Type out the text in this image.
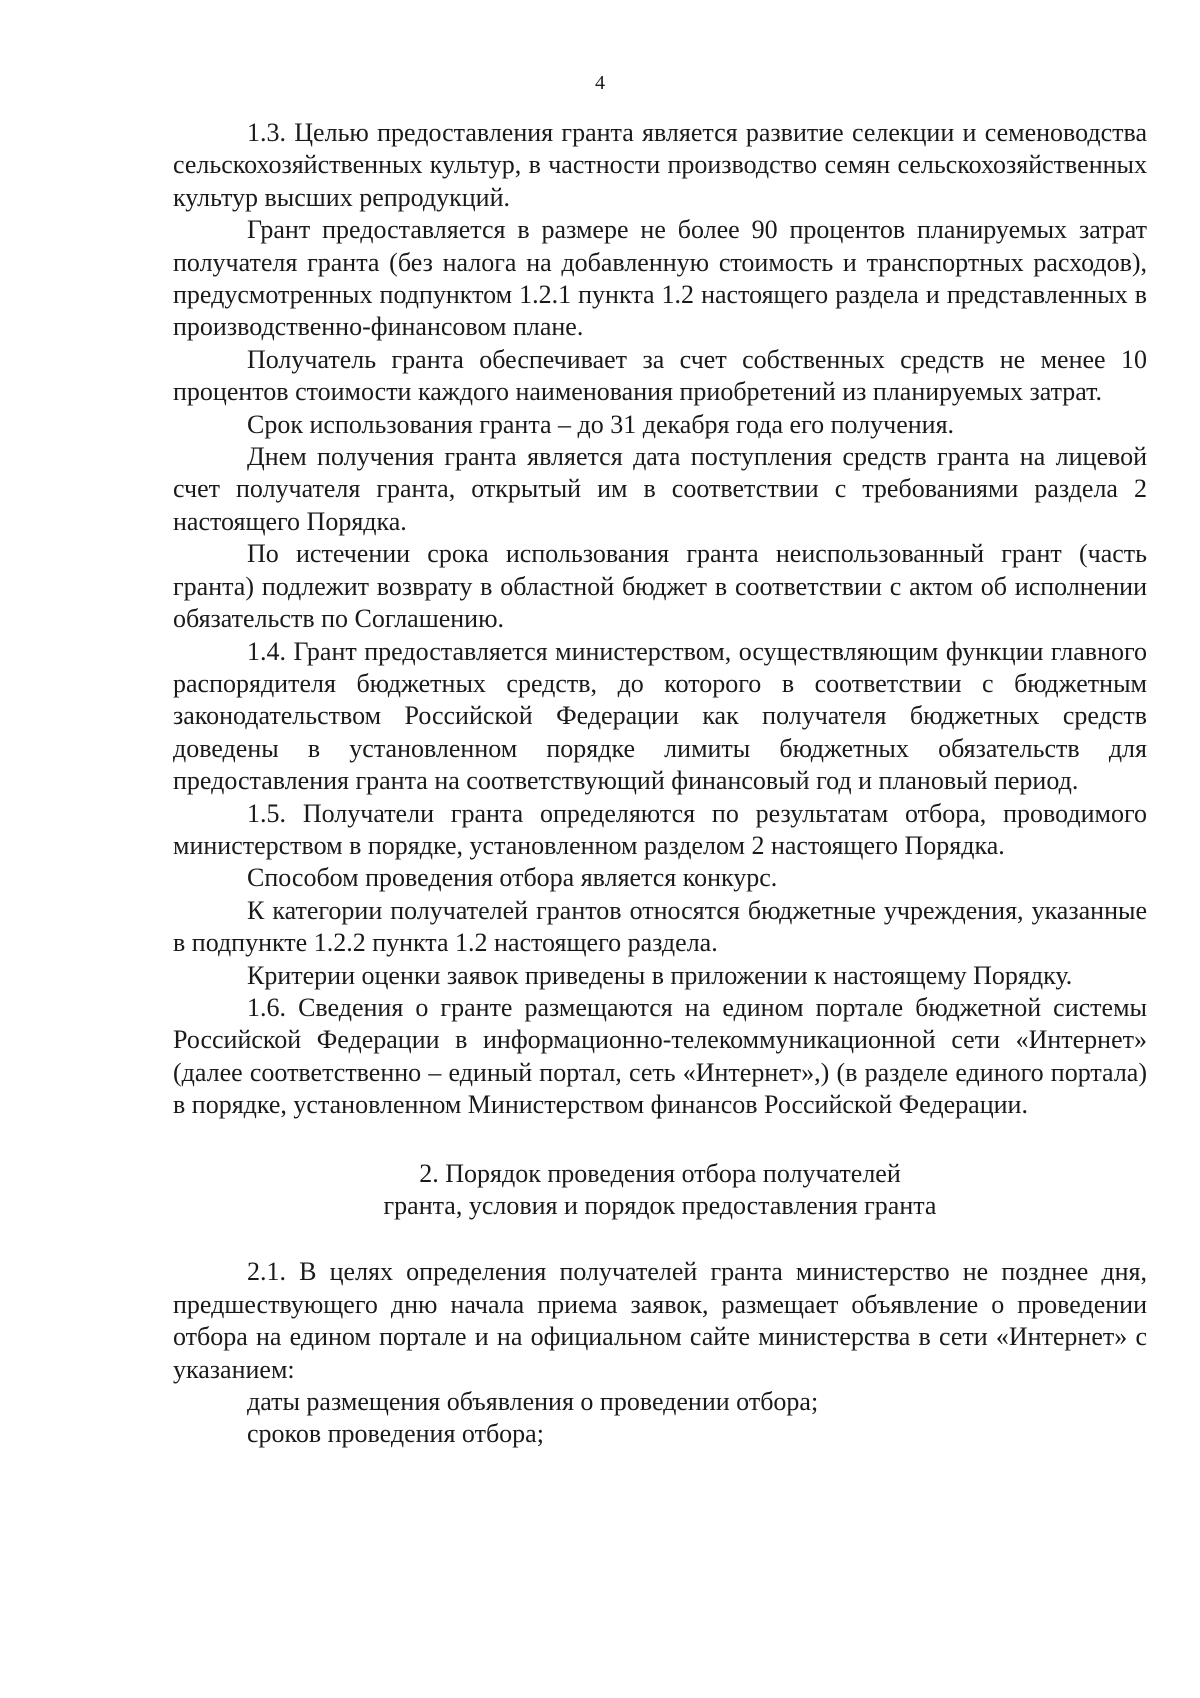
4

1.3. Целью предоставления гранта является развитие селекции и семеноводства сельскохозяйственных культур, в частности производство семян сельскохозяйственных культур высших репродукций.

Грант предоставляется в размере не более 90 процентов планируемых затрат получателя гранта (без налога на добавленную стоимость и транспортных расходов), предусмотренных подпунктом 1.2.1 пункта 1.2 настоящего раздела и представленных в производственно-финансовом плане.

Получатель гранта обеспечивает за счет собственных средств не менее 10 процентов стоимости каждого наименования приобретений из планируемых затрат.

Срок использования гранта – до 31 декабря года его получения.

Днем получения гранта является дата поступления средств гранта на лицевой счет получателя гранта, открытый им в соответствии с требованиями раздела 2 настоящего Порядка.

По истечении срока использования гранта неиспользованный грант (часть гранта) подлежит возврату в областной бюджет в соответствии с актом об исполнении обязательств по Соглашению.

1.4. Грант предоставляется министерством, осуществляющим функции главного распорядителя бюджетных средств, до которого в соответствии с бюджетным законодательством Российской Федерации как получателя бюджетных средств доведены в установленном порядке лимиты бюджетных обязательств для предоставления гранта на соответствующий финансовый год и плановый период.

1.5. Получатели гранта определяются по результатам отбора, проводимого министерством в порядке, установленном разделом 2 настоящего Порядка.

Способом проведения отбора является конкурс.

К категории получателей грантов относятся бюджетные учреждения, указанные в подпункте 1.2.2 пункта 1.2 настоящего раздела.

Критерии оценки заявок приведены в приложении к настоящему Порядку.

1.6. Сведения о гранте размещаются на едином портале бюджетной системы Российской Федерации в информационно-телекоммуникационной сети «Интернет» (далее соответственно – единый портал, сеть «Интернет»,) (в разделе единого портала) в порядке, установленном Министерством финансов Российской Федерации.

2. Порядок проведения отбора получателей
гранта, условия и порядок предоставления гранта

2.1. В целях определения получателей гранта министерство не позднее дня, предшествующего дню начала приема заявок, размещает объявление о проведении отбора на едином портале и на официальном сайте министерства в сети «Интернет» с указанием:

даты размещения объявления о проведении отбора;

сроков проведения отбора;
